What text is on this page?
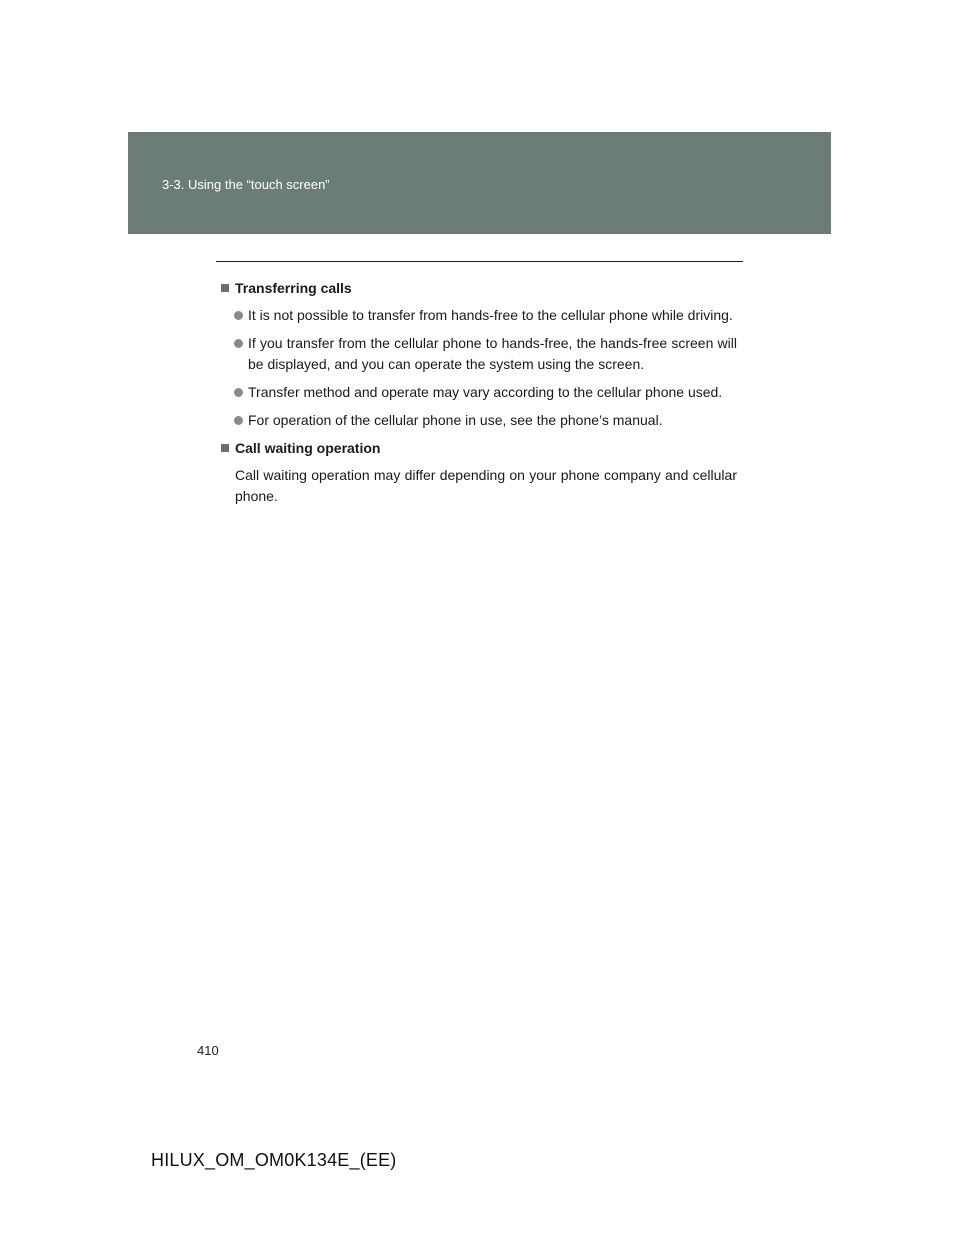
3-3. Using the “touch screen”
Transferring calls
It is not possible to transfer from hands-free to the cellular phone while driving.
If you transfer from the cellular phone to hands-free, the hands-free screen will be displayed, and you can operate the system using the screen.
Transfer method and operate may vary according to the cellular phone used.
For operation of the cellular phone in use, see the phone’s manual.
Call waiting operation

Call waiting operation may differ depending on your phone company and cellular phone.

410
HILUX_OM_OM0K134E_(EE)
